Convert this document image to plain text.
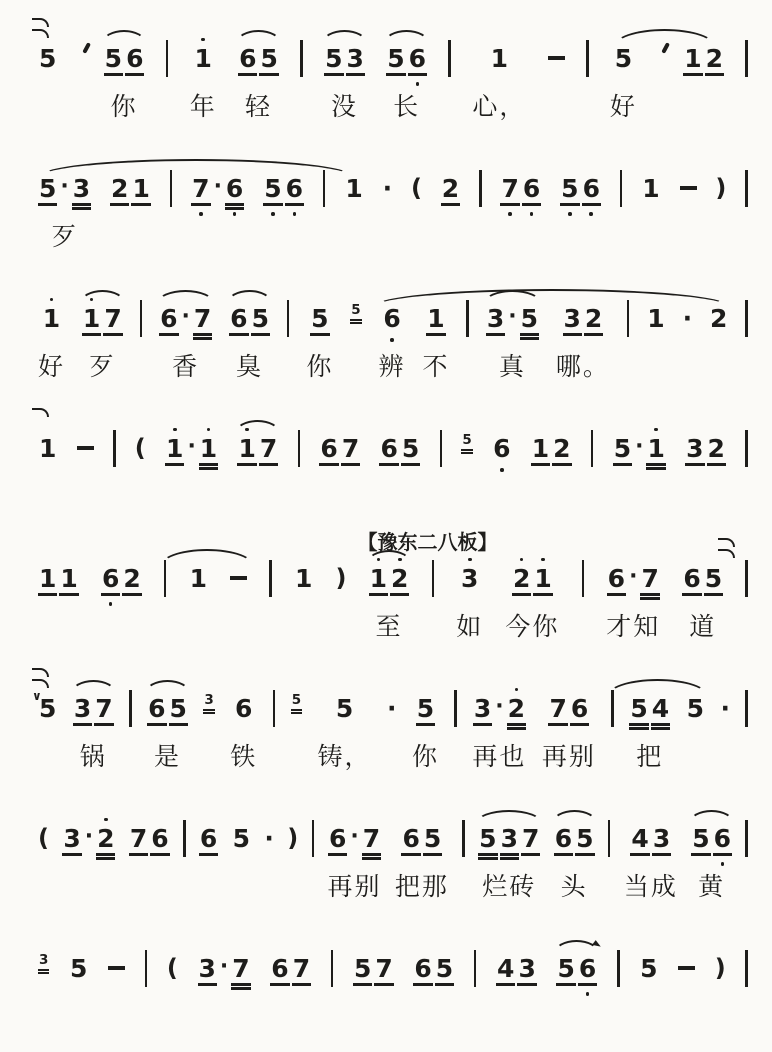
5 5 6
你
1
年
6 5
轻
5 3
没
5 6
长
1
心，
5
好
1 2
5 · 3
歹
2 1 7 · 6 5 6 1 · ( 2 7 6 5 6 1 )
1
好
1 7
歹
6 · 7
香
6 5
臭
5
你
5 6
辨
1
不
3 · 5
真
3 2
哪。
1 · 2
1	( 1 · 1 1 7 6 7 6 5	5 6 1 2 5 · 1 3 2
【豫东二八板】
1 1 6 2 1	1 ) 1 2
至
3
如
2 1
今你
6 · 7
才知
6 5
道
5
∨ 3 7
锅
6 5
是
3 6
铁
5 5
铸，
· 5
你
3 · 2
再也
7 6
再别
5 4
把
5 ·
( 3 · 2 7 6 6 5 · ) 6 · 7
再别
6 5
把那
5 3 7
烂砖
6 5
头
4 3
当成
5 6
黄
3 5	( 3 · 7 6 7 5 7 6 5 4 3 5 6 5 )
